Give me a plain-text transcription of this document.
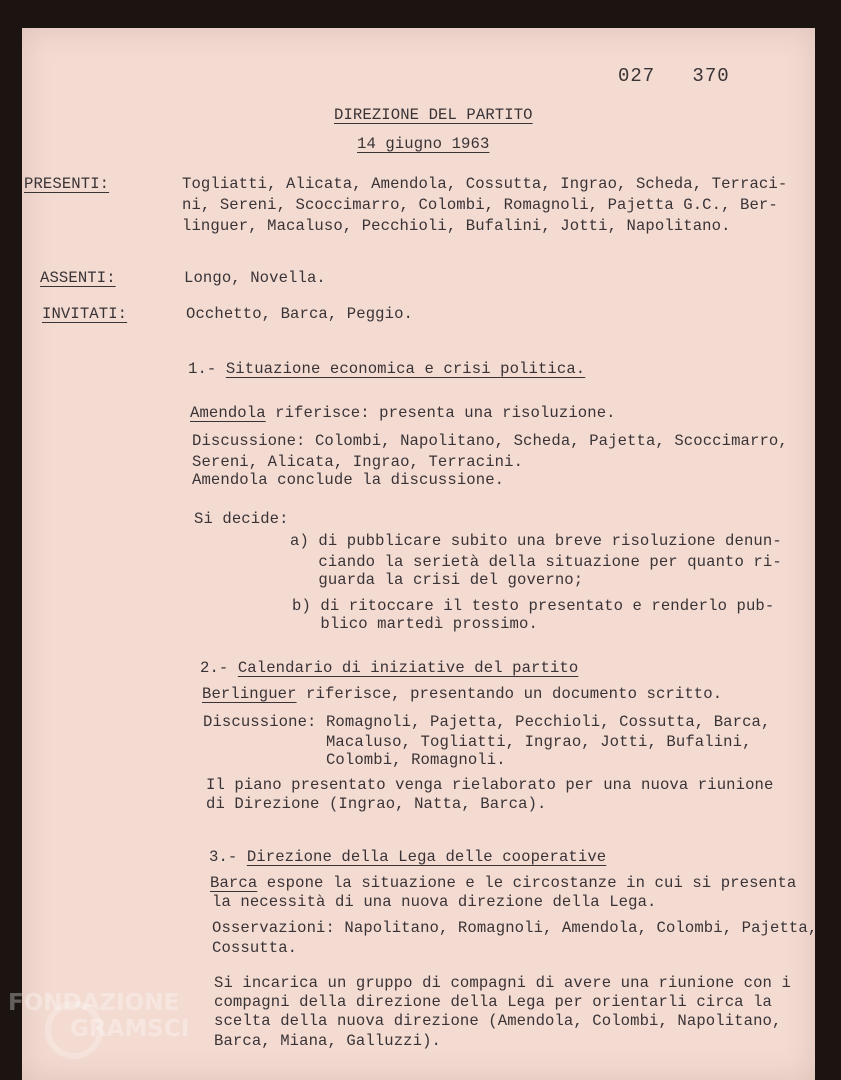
027   370

DIREZIONE DEL PARTITO

14 giugno 1963

PRESENTI:	Togliatti, Alicata, Amendola, Cossutta, Ingrao, Scheda, Terraci-

ni, Sereni, Scoccimarro, Colombi, Romagnoli, Pajetta G.C., Ber-

linguer, Macaluso, Pecchioli, Bufalini, Jotti, Napolitano.

ASSENTI:	Longo, Novella.

INVITATI:	Occhetto, Barca, Peggio.

1.- Situazione economica e crisi politica.

Amendola riferisce: presenta una risoluzione.

Discussione: Colombi, Napolitano, Scheda, Pajetta, Scoccimarro,

Sereni, Alicata, Ingrao, Terracini.

Amendola conclude la discussione.

Si decide:

a) di pubblicare subito una breve risoluzione denun-

ciando la serietà della situazione per quanto ri-

guarda la crisi del governo;

b) di ritoccare il testo presentato e renderlo pub-

blico martedì prossimo.

2.- Calendario di iniziative del partito

Berlinguer riferisce, presentando un documento scritto.

Discussione: Romagnoli, Pajetta, Pecchioli, Cossutta, Barca,

Macaluso, Togliatti, Ingrao, Jotti, Bufalini,

Colombi, Romagnoli.

Il piano presentato venga rielaborato per una nuova riunione

di Direzione (Ingrao, Natta, Barca).

3.- Direzione della Lega delle cooperative

Barca espone la situazione e le circostanze in cui si presenta

la necessità di una nuova direzione della Lega.

Osservazioni: Napolitano, Romagnoli, Amendola, Colombi, Pajetta,

Cossutta.

Si incarica un gruppo di compagni di avere una riunione con i

compagni della direzione della Lega per orientarli circa la

scelta della nuova direzione (Amendola, Colombi, Napolitano,

Barca, Miana, Galluzzi).

FONDAZIONE
GRAMSCI
